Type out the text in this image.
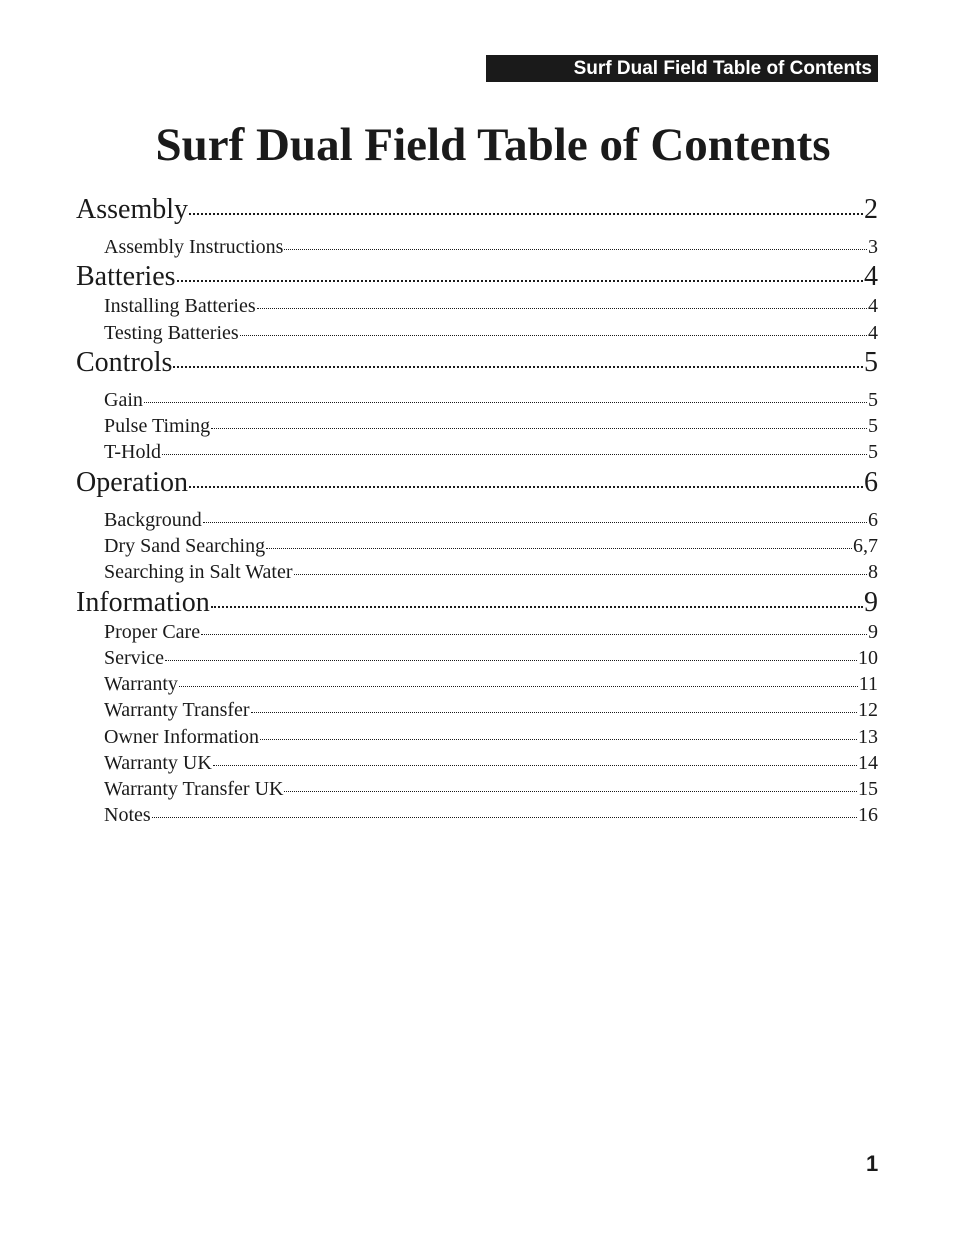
Surf Dual Field Table of Contents
Surf Dual Field Table of Contents
Assembly	2
Assembly Instructions	3
Batteries	4
Installing Batteries	4
Testing Batteries	4
Controls	5
Gain	5
Pulse Timing	5
T-Hold	5
Operation	6
Background	6
Dry Sand Searching	6,7
Searching in Salt Water	8
Information	9
Proper Care	9
Service	10
Warranty	11
Warranty Transfer	12
Owner Information	13
Warranty UK	14
Warranty Transfer UK	15
Notes	16
1
